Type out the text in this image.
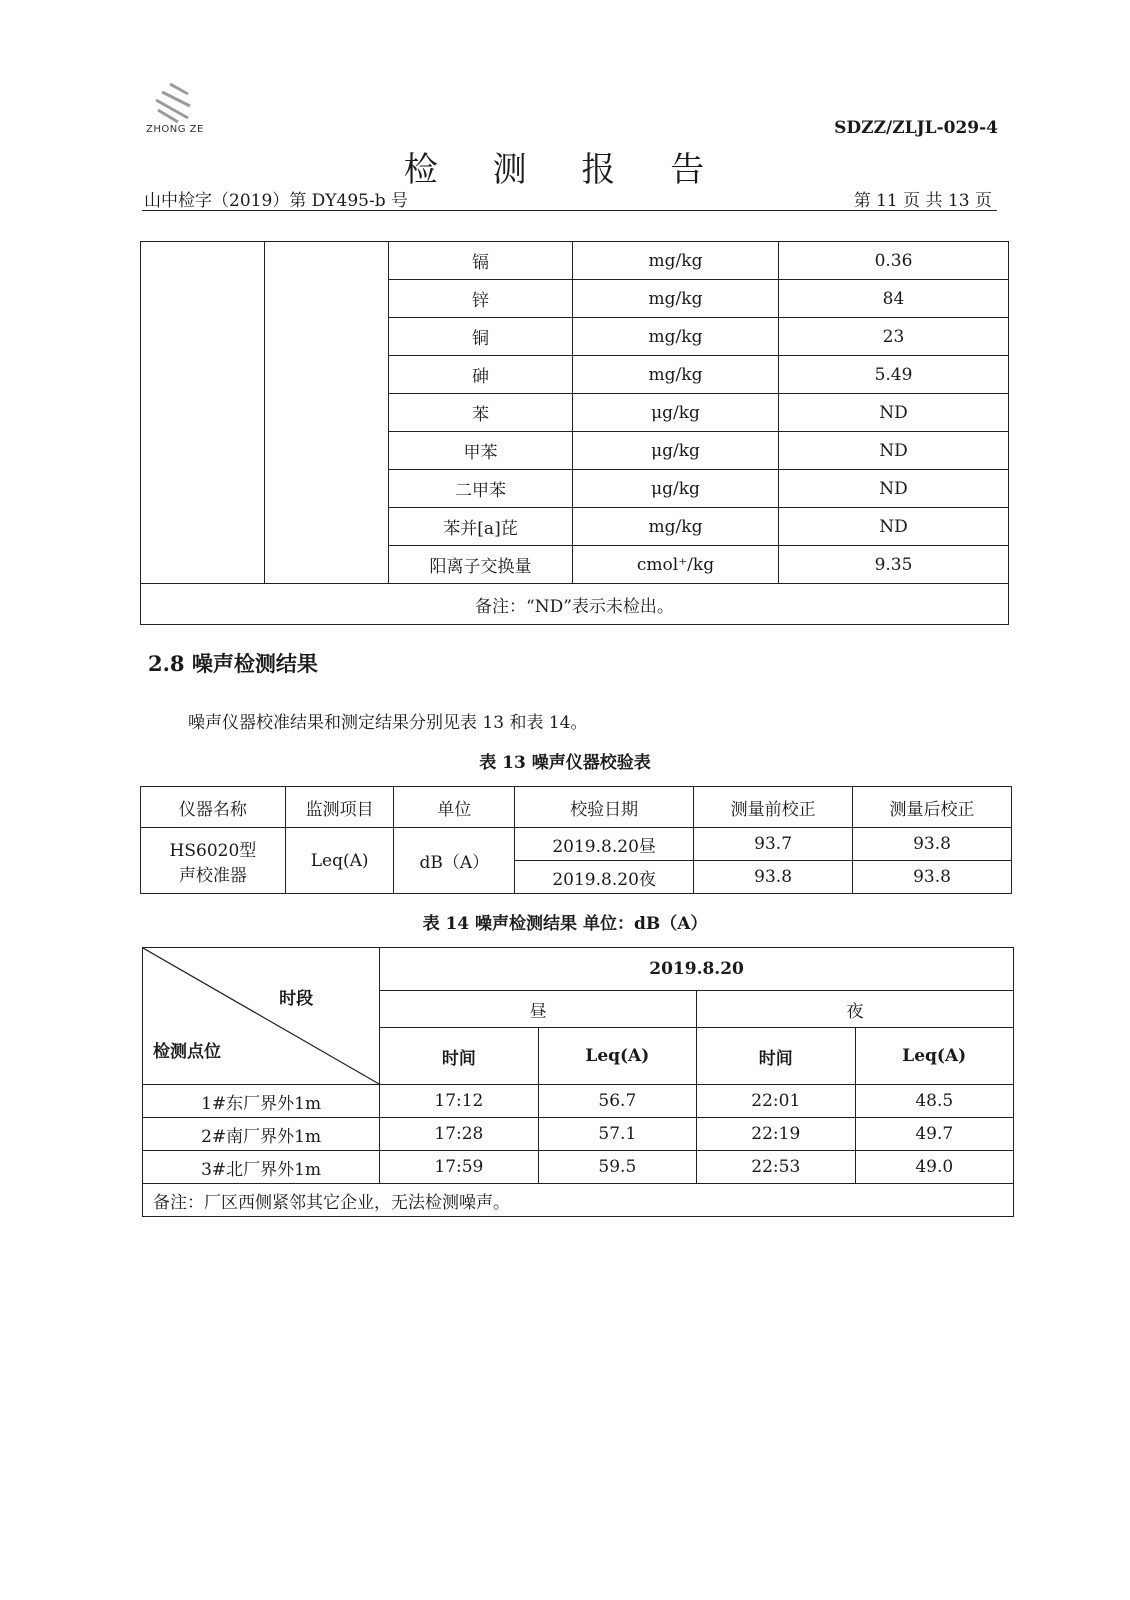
ZHONG ZE	SDZZ/ZLJL-029-4
检 测 报 告
山中检字（2019）第 DY495-b 号	第 11 页 共 13 页
		镉	mg/kg	0.36
		锌	mg/kg	84
		铜	mg/kg	23
		砷	mg/kg	5.49
		苯	μg/kg	ND
		甲苯	μg/kg	ND
		二甲苯	μg/kg	ND
		苯并[a]芘	mg/kg	ND
		阳离子交换量	cmol⁺/kg	9.35
备注：“ND”表示未检出。				
2.8 噪声检测结果
噪声仪器校准结果和测定结果分别见表 13 和表 14。
表 13 噪声仪器校验表
仪器名称	监测项目	单位	校验日期	测量前校正	测量后校正

HS6020型
声校准器	Leq(A)	dB（A）	2019.8.20昼	93.7	93.8
			2019.8.20夜	93.8	93.8
表 14 噪声检测结果 单位：dB（A）
时段
检测点位	2019.8.20			
	昼		夜	
	时间	Leq(A)	时间	Leq(A)
1#东厂界外1m	17:12	56.7	22:01	48.5
2#南厂界外1m	17:28	57.1	22:19	49.7
3#北厂界外1m	17:59	59.5	22:53	49.0
备注：厂区西侧紧邻其它企业，无法检测噪声。				
